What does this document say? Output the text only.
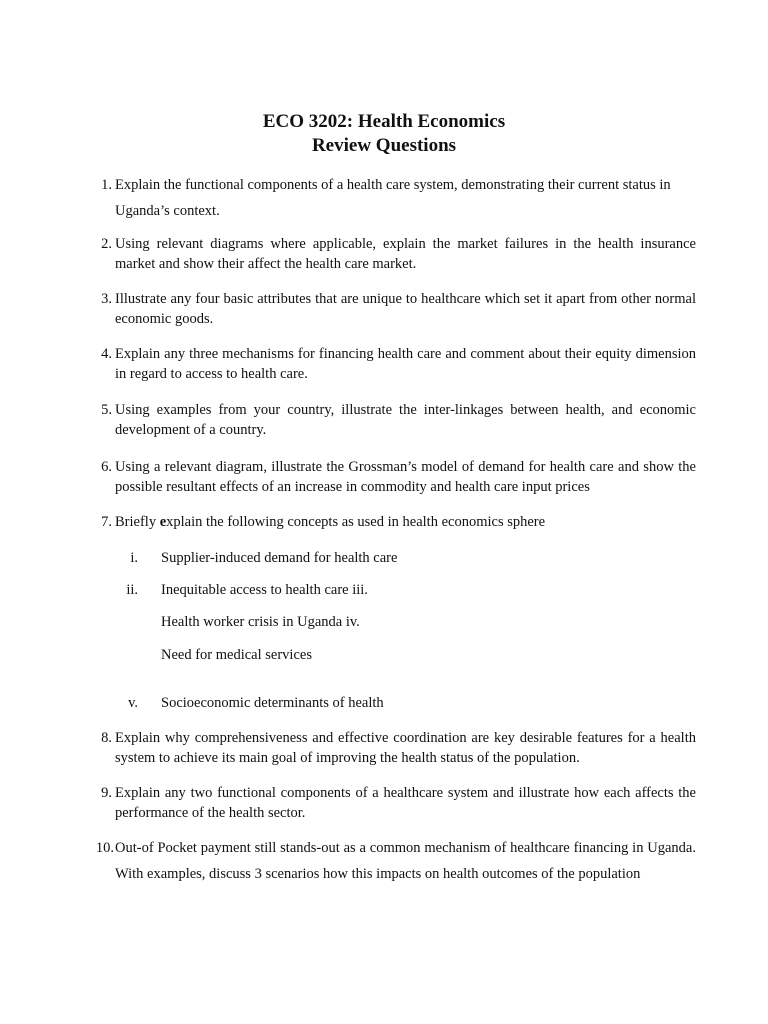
ECO 3202: Health Economics
Review Questions
1. Explain the functional components of a health care system, demonstrating their current status in Uganda’s context.
2. Using relevant diagrams where applicable, explain the market failures in the health insurance market and show their affect the health care market.
3. Illustrate any four basic attributes that are unique to healthcare which set it apart from other normal economic goods.
4. Explain any three mechanisms for financing health care and comment about their equity dimension in regard to access to health care.
5. Using examples from your country, illustrate the inter-linkages between health, and economic development of a country.
6. Using a relevant diagram, illustrate the Grossman’s model of demand for health care and show the possible resultant effects of an increase in commodity and health care input prices
7. Briefly explain the following concepts as used in health economics sphere
i. Supplier-induced demand for health care
ii. Inequitable access to health care iii.
Health worker crisis in Uganda iv.
Need for medical services
v. Socioeconomic determinants of health
8. Explain why comprehensiveness and effective coordination are key desirable features for a health system to achieve its main goal of improving the health status of the population.
9. Explain any two functional components of a healthcare system and illustrate how each affects the performance of the health sector.
10. Out-of Pocket payment still stands-out as a common mechanism of healthcare financing in Uganda. With examples, discuss 3 scenarios how this impacts on health outcomes of the population
